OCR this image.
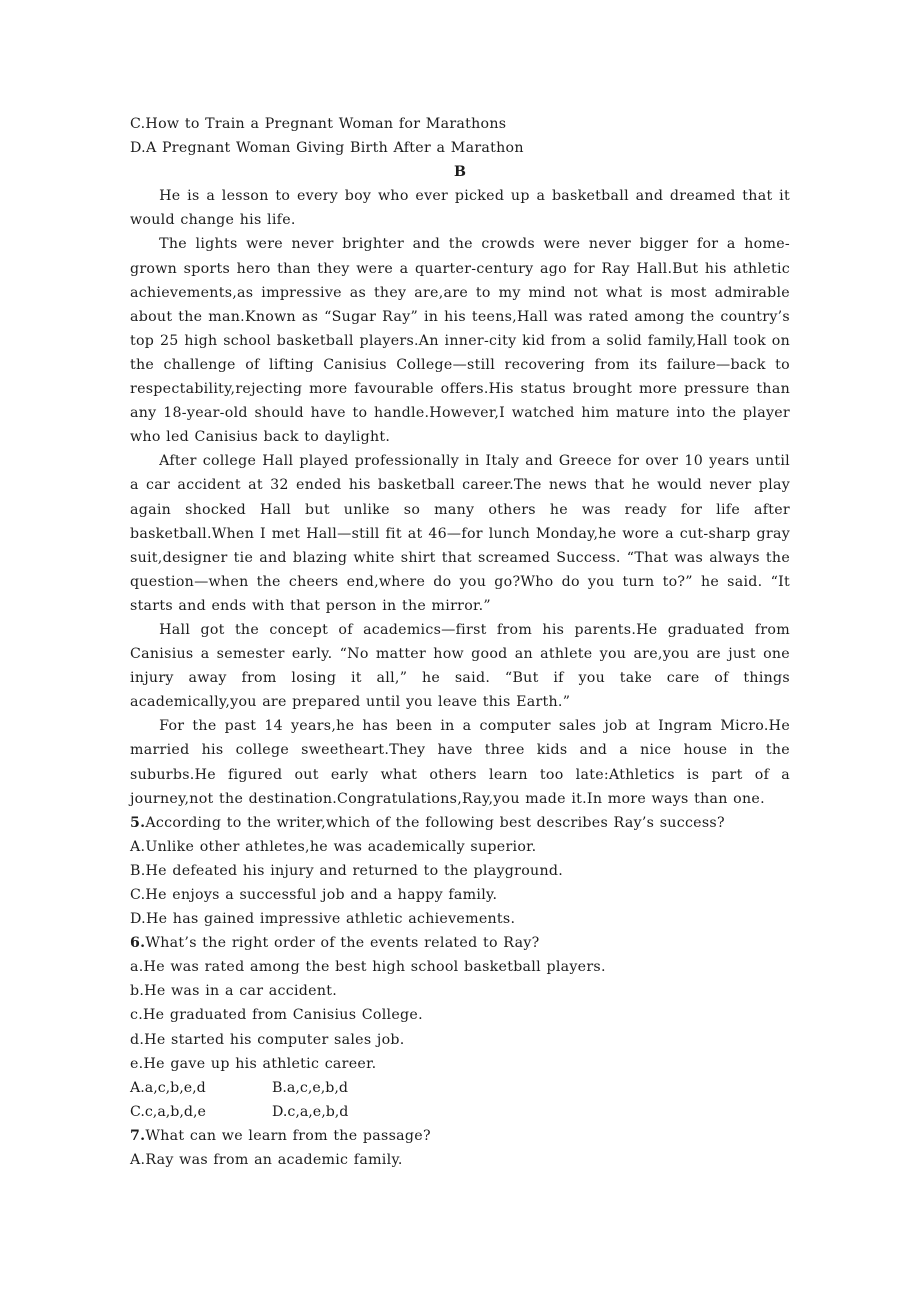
C.How to Train a Pregnant Woman for Marathons

D.A Pregnant Woman Giving Birth After a Marathon

B

He is a lesson to every boy who ever picked up a basketball and dreamed that it would change his life.

The lights were never brighter and the crowds were never bigger for a home-grown sports hero than they were a quarter-century ago for Ray Hall.But his athletic achievements,as impressive as they are,are to my mind not what is most admirable about the man.Known as “Sugar Ray” in his teens,Hall was rated among the country’s top 25 high school basketball players.An inner-city kid from a solid family,Hall took on the challenge of lifting Canisius College—still recovering from its failure—back to respectability,rejecting more favourable offers.His status brought more pressure than any 18-year-old should have to handle.However,I watched him mature into the player who led Canisius back to daylight.

After college Hall played professionally in Italy and Greece for over 10 years until a car accident at 32 ended his basketball career.The news that he would never play again shocked Hall but unlike so many others he was ready for life after basketball.When I met Hall—still fit at 46—for lunch Monday,he wore a cut-sharp gray suit,designer tie and blazing white shirt that screamed Success. “That was always the question—when the cheers end,where do you go?Who do you turn to?” he said. “It starts and ends with that person in the mirror.”

Hall got the concept of academics—first from his parents.He graduated from Canisius a semester early. “No matter how good an athlete you are,you are just one injury away from losing it all,” he said. “But if you take care of things academically,you are prepared until you leave this Earth.”

For the past 14 years,he has been in a computer sales job at Ingram Micro.He married his college sweetheart.They have three kids and a nice house in the suburbs.He figured out early what others learn too late:Athletics is part of a journey,not the destination.Congratulations,Ray,you made it.In more ways than one.

5.According to the writer,which of the following best describes Ray’s success?

A.Unlike other athletes,he was academically superior.

B.He defeated his injury and returned to the playground.

C.He enjoys a successful job and a happy family.

D.He has gained impressive athletic achievements.

6.What’s the right order of the events related to Ray?

a.He was rated among the best high school basketball players.

b.He was in a car accident.

c.He graduated from Canisius College.

d.He started his computer sales job.

e.He gave up his athletic career.

A.a,c,b,e,d	B.a,c,e,b,d

C.c,a,b,d,e	D.c,a,e,b,d

7.What can we learn from the passage?

A.Ray was from an academic family.
